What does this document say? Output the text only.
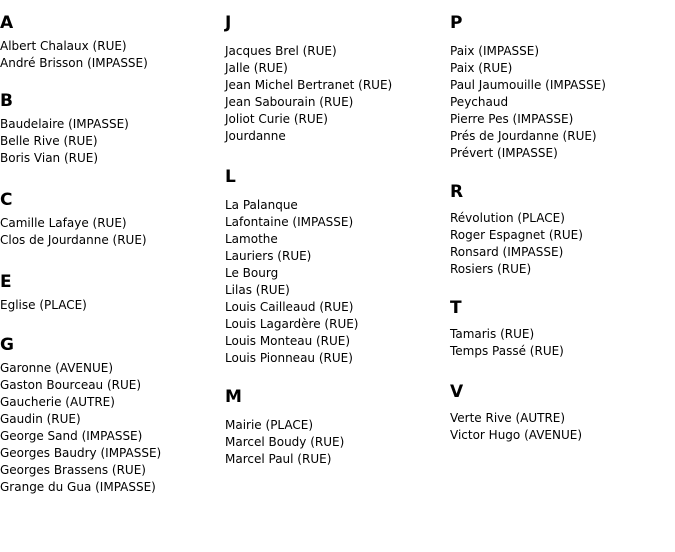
A
Albert Chalaux (RUE)
André Brisson (IMPASSE)
B
Baudelaire (IMPASSE)
Belle Rive (RUE)
Boris Vian (RUE)
C
Camille Lafaye (RUE)
Clos de Jourdanne (RUE)
E
Eglise (PLACE)
G
Garonne (AVENUE)
Gaston Bourceau (RUE)
Gaucherie (AUTRE)
Gaudin (RUE)
George Sand (IMPASSE)
Georges Baudry (IMPASSE)
Georges Brassens (RUE)
Grange du Gua (IMPASSE)
J
Jacques Brel (RUE)
Jalle (RUE)
Jean Michel Bertranet (RUE)
Jean Sabourain (RUE)
Joliot Curie (RUE)
Jourdanne
L
La Palanque
Lafontaine (IMPASSE)
Lamothe
Lauriers (RUE)
Le Bourg
Lilas (RUE)
Louis Cailleaud (RUE)
Louis Lagardère (RUE)
Louis Monteau (RUE)
Louis Pionneau (RUE)
M
Mairie (PLACE)
Marcel Boudy (RUE)
Marcel Paul (RUE)
P
Paix (IMPASSE)
Paix (RUE)
Paul Jaumouille (IMPASSE)
Peychaud
Pierre Pes (IMPASSE)
Prés de Jourdanne (RUE)
Prévert (IMPASSE)
R
Révolution (PLACE)
Roger Espagnet (RUE)
Ronsard (IMPASSE)
Rosiers (RUE)
T
Tamaris (RUE)
Temps Passé (RUE)
V
Verte Rive (AUTRE)
Victor Hugo (AVENUE)
